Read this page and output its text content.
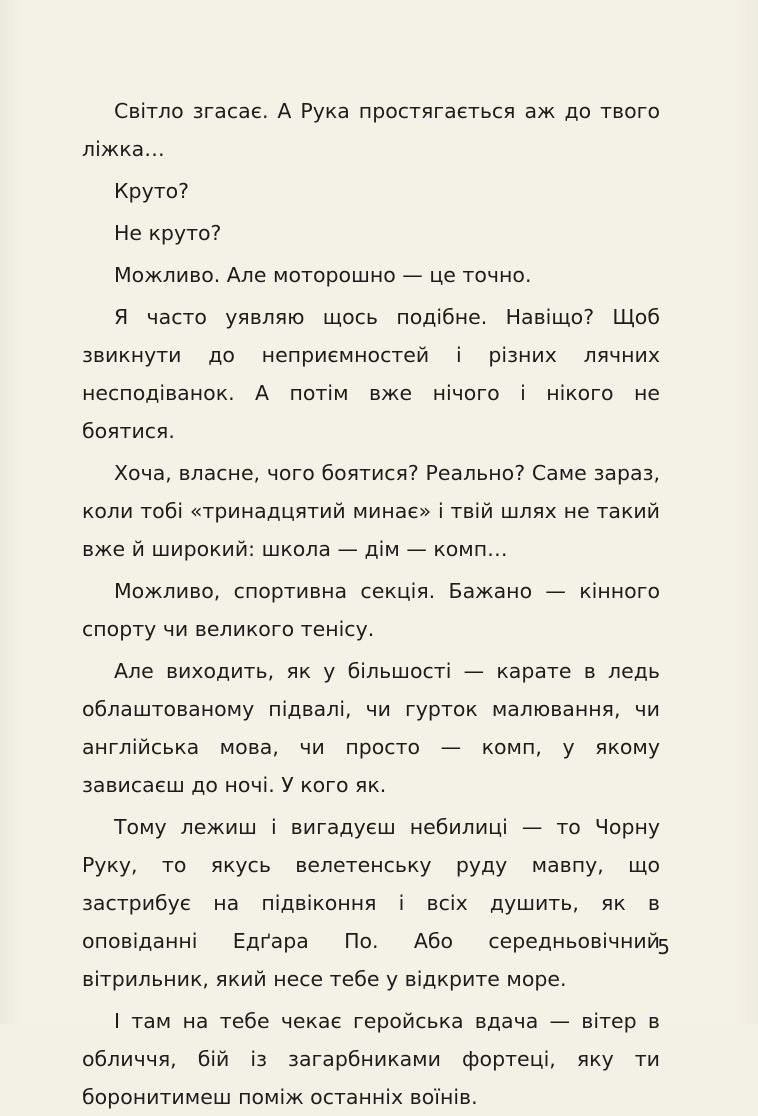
Світло згасає. А Рука простягається аж до твого ліжка…

Круто?

Не круто?

Можливо. Але моторошно — це точно.

Я часто уявляю щось подібне. Навіщо? Щоб звикнути до неприємностей і різних лячних несподіванок. А потім вже нічого і нікого не боятися.

Хоча, власне, чого боятися? Реально? Саме зараз, коли тобі «тринадцятий минає» і твій шлях не такий вже й широкий: школа — дім — комп…

Можливо, спортивна секція. Бажано — кінного спорту чи великого тенісу.

Але виходить, як у більшості — карате в ледь облаштованому підвалі, чи гурток малювання, чи англійська мова, чи просто — комп, у якому зависаєш до ночі. У кого як.

Тому лежиш і вигадуєш небилиці — то Чорну Руку, то якусь велетенську руду мавпу, що застрибує на підвіконня і всіх душить, як в оповіданні Едґара По. Або середньовічний вітрильник, який несе тебе у відкрите море.

І там на тебе чекає геройська вдача — вітер в обличчя, бій із загарбниками фортеці, яку ти боронитимеш поміж останніх воїнів.

5
